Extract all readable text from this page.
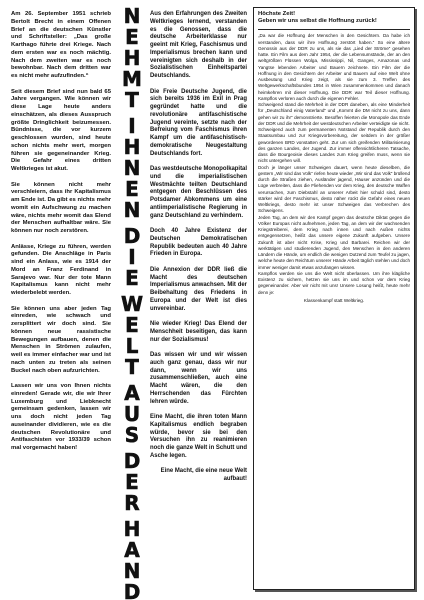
Am 26. September 1951 schrieb Bertolt Brecht in einem Offenen Brief an die deutschen Künstler und Schriftsteller: „Das große Karthago führte drei Kriege. Nach dem ersten war es noch mächtig. Nach dem zweiten war es noch bewohnbar. Nach dem dritten war es nicht mehr aufzufinden.“

Seit diesem Brief sind nun bald 65 Jahre vergangen. Wie können wir diese Lage heute anders einschätzen, als dieses Ausspruch größte Dringlichkeit beizumessen. Bündnisse, die vor kurzem geschlossen wurden, sind heute schon nichts mehr wert, morgen führen sie gegeneinander Krieg. Die Gefahr eines dritten Weltkrieges ist akut.

Sie können nicht mehr verschleiern, dass ihr Kapitalismus am Ende ist. Da gibt es nichts mehr womit ein Aufschwung zu machen wäre, nichts mehr womit das Elend der Menschen aufhaltbar wäre. Sie können nur noch zerstören.

Anlässe, Kriege zu führen, werden gefunden. Die Anschläge in Paris sind ein Anlass, wie es 1914 der Mord an Franz Ferdinand in Sarajevo war. Nur der tote Mann Kapitalismus kann nicht mehr wiederbelebt werden.

Sie können uns aber jeden Tag einreden, wie schwach und zersplittert wir doch sind. Sie können neue rassistische Bewegungen aufbauen, denen die Menschen in Strömen zulaufen, weil es immer einfacher war und ist nach unten zu treten als seinen Buckel nach oben aufzurichten.

Lassen wir uns von Ihnen nichts einreden! Gerade wir, die wir Ihrer Luxemburg und Liebknecht gemeinsam gedenken, lassen wir uns doch nicht jeden Tag auseinander dividieren, wie es die deutschen Revolutionäre und Antifaschisten vor 1933/39 schon mal vorgemacht haben!

N
E
H
M
T
I
H
N
E
N
D
I
E
W
E
L
T
A
U
S
D
E
R
H
A
N
D

Aus den Erfahrungen des Zweiten Weltkrieges lernend, verstanden es die Genossen, dass die deutsche Arbeiterklasse nur geeint mit Krieg, Faschismus und Imperialismus brechen kann und vereinigten sich deshalb in der Sozialistischen Einheitspartei Deutschlands.

Die Freie Deutsche Jugend, die sich bereits 1936 im Exil in Prag gegründet hatte und die revolutionäre antifaschistische Jugend vereinte, setzte nach der Befreiung vom Faschismus ihren Kampf um die antifaschistisch-demokratische Neugestaltung Deutschlands fort.

Das westdeutsche Monopolkapital und die imperialistischen Westmächte teilten Deutschland entgegen den Beschlüssen des Potsdamer Abkommens um eine antiimperialistische Regierung in ganz Deutschland zu verhindern.

Doch 40 Jahre Existenz der Deutschen Demokratischen Republik bedeuten auch 40 Jahre Frieden in Europa.

Die Annexion der DDR ließ die Macht des deutschen Imperialismus anwachsen. Mit der Beibehaltung des Friedens in Europa und der Welt ist dies unvereinbar.

Nie wieder Krieg! Das Elend der Menschheit beseitigen, das kann nur der Sozialismus!

Das wissen wir und wir wissen auch ganz genau, dass wir nur dann, wenn wir uns zusammenschließen, auch eine Macht wären, die den Herrschenden das Fürchten lehren würde.

Eine Macht, die ihren toten Mann Kapitalismus endlich begraben würde, bevor sie bei den Versuchen ihn zu reanimieren noch die ganze Welt in Schutt und Asche legen.

Eine Macht, die eine neue Welt aufbaut!

Höchste Zeit!
Geben wir uns selbst die Hoffnung zurück!

„Da war die Hoffnung der Menschen in den Gesichtern. Da habe ich verstanden, dass wir ihre Hoffnung zerstört haben.“ So eine ältere Genossin aus der DDR zu uns, als sie das „Lied der Ströme“ gesehen hatte. Ein Film aus dem Jahr 1954, der die Lebensumstände, der an den weltgrößten Flüssen Wolga, Mississippi, Nil, Ganges, Amazonas und Yangtse lebenden Arbeiter und Bauern zeichnete. Ein Film der die Hoffnung in den Gesichtern der Arbeiter und Bauern auf eine Welt ohne Ausbeutung und Krieg zeigt, als sie zum 3. Treffen des Weltgewerkschaftsbundes 1954 in Wien zusammenkommen und danach heimkehren mit dieser Hoffnung. Die DDR war Teil dieser Hoffnung. Kampflos verloren auch durch die eigenen Fehler.

Schweigend stand die Mehrheit in der DDR daneben, als eine Minderheit für „Deutschland einig Vaterland“ und „Kommt die DM nicht zu uns, dann gehen wir zu ihr“ demonstrierte. Besoffen feierten die Monopole das Ende der DDR und die Mehrheit der westdeutschen Arbeiter verteidigte sie nicht.

Schweigend auch zum permanenten Notstand der Republik durch den Staatsumbau und zur Kriegsvorbereitung, der seitdem in der größer gewordenen BRD vonstatten geht. Zur um sich greifenden Militarisierung des ganzen Landes, der Jugend. Zur immer offensichtlicheren Tatsache, dass die Bourgeoisie dieses Landes zum Krieg greifen muss, wenn sie nicht untergehen will.

Doch je länger unser Schweigen dauert, wenn heute dieselben, die gestern „Wir sind das Volk“ riefen heute wieder „Wir sind das Volk“ brüllend durch die Straßen ziehen, Ausländer jagend, Häuser anzünden und die Lüge verbreiten, dass die Fliehenden vor dem Krieg, den deutsche Waffen verursachen, zum Diebstahl an unserer Arbeit hier schuld sind, desto stärker wird der Faschismus, desto näher rückt die Gefahr eines neuen Weltkriegs, desto mehr ist unser Schweigen das Verbrechen des Schweigens.

Jeden Tag, an dem wir den Kampf gegen das deutsche Diktat gegen die Völker Europas nicht aufnehmen, jeden Tag, an dem wir der wachsenden Kriegstreiberei, dem Krieg nach innen und nach Außen nichts entgegensetzen, heißt das unsere eigene Zukunft aufgeben. Unsere Zukunft ist aber nicht Krise, Krieg und Barbarei. Reichen wir der werktätigen und studierenden Jugend, den Menschen in den anderen Ländern die Hände, um endlich die wenigen Dutzend zum Teufel zu jagen, welche heute den Reichtum unserer Hände Arbeit täglich stehlen und doch immer weniger damit etwas anzufangen wissen.

Kampflos werden sie uns die Welt nicht überlassen. Um ihre klägliche Existenz zu sichern, hetzen sie uns im und schon vor dem Krieg gegeneinander. Aber wir nicht mit uns! Unsere Losung heißt, heute mehr denn je:

Klassenkampf statt Weltkrieg.
